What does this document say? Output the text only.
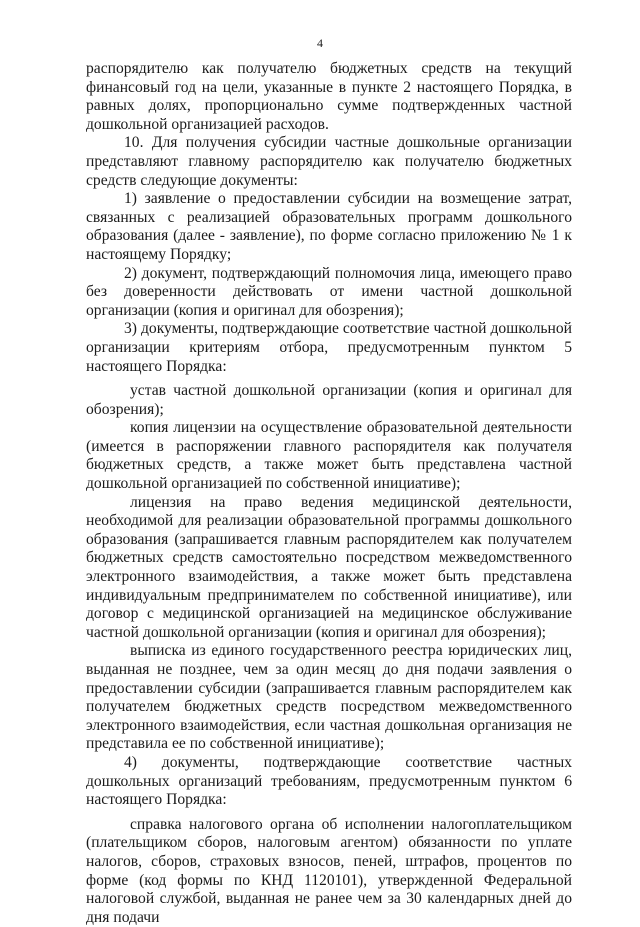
4

распорядителю как получателю бюджетных средств на текущий финансовый год на цели, указанные в пункте 2 настоящего Порядка, в равных долях, пропорционально сумме подтвержденных частной дошкольной организацией расходов.

10. Для получения субсидии частные дошкольные организации представляют главному распорядителю как получателю бюджетных средств следующие документы:

1) заявление о предоставлении субсидии на возмещение затрат, связанных с реализацией образовательных программ дошкольного образования (далее - заявление), по форме согласно приложению № 1 к настоящему Порядку;

2) документ, подтверждающий полномочия лица, имеющего право без доверенности действовать от имени частной дошкольной организации (копия и оригинал для обозрения);

3) документы, подтверждающие соответствие частной дошкольной организации критериям отбора, предусмотренным пунктом 5 настоящего Порядка:

устав частной дошкольной организации (копия и оригинал для обозрения);

копия лицензии на осуществление образовательной деятельности (имеется в распоряжении главного распорядителя как получателя бюджетных средств, а также может быть представлена частной дошкольной организацией по собственной инициативе);

лицензия на право ведения медицинской деятельности, необходимой для реализации образовательной программы дошкольного образования (запрашивается главным распорядителем как получателем бюджетных средств самостоятельно посредством межведомственного электронного взаимодействия, а также может быть представлена индивидуальным предпринимателем по собственной инициативе), или договор с медицинской организацией на медицинское обслуживание частной дошкольной организации (копия и оригинал для обозрения);

выписка из единого государственного реестра юридических лиц, выданная не позднее, чем за один месяц до дня подачи заявления о предоставлении субсидии (запрашивается главным распорядителем как получателем бюджетных средств посредством межведомственного электронного взаимодействия, если частная дошкольная организация не представила ее по собственной инициативе);

4) документы, подтверждающие соответствие частных дошкольных организаций требованиям, предусмотренным пунктом 6 настоящего Порядка:

справка налогового органа об исполнении налогоплательщиком (плательщиком сборов, налоговым агентом) обязанности по уплате налогов, сборов, страховых взносов, пеней, штрафов, процентов по форме (код формы по КНД 1120101), утвержденной Федеральной налоговой службой, выданная не ранее чем за 30 календарных дней до дня подачи
